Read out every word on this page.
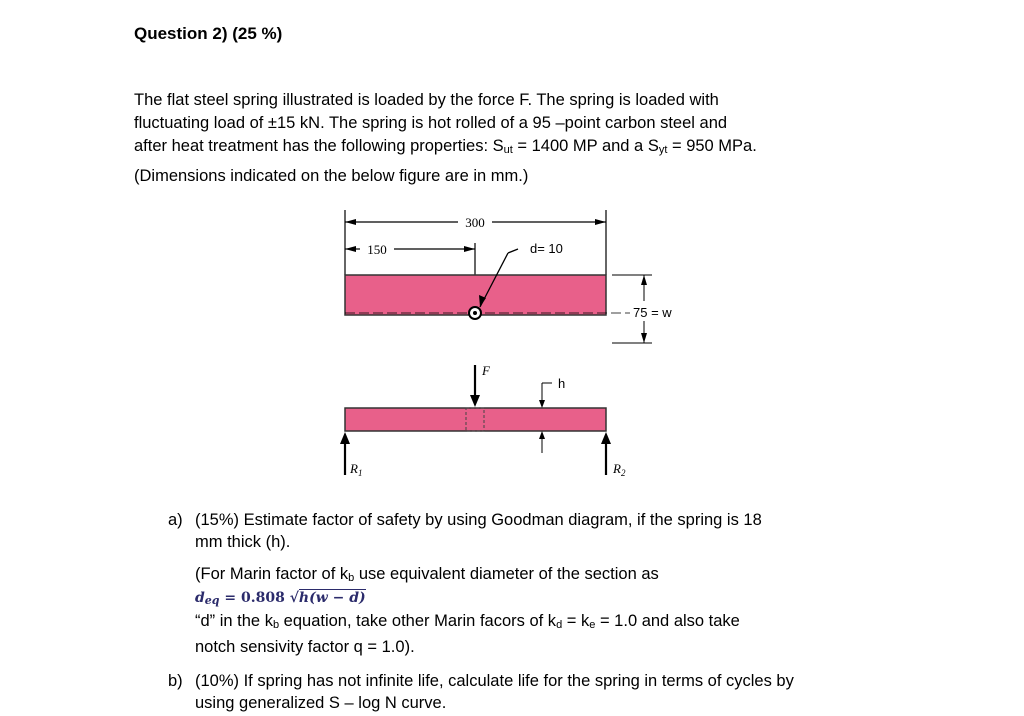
Question 2) (25 %)
The flat steel spring illustrated is loaded by the force F. The spring is loaded with
fluctuating load of ±15 kN. The spring is hot rolled of a 95 –point carbon steel and
after heat treatment has the following properties: $S_{ut} = 1400$ MP and a $S_{yt} = 950$ MPa.
(Dimensions indicated on the below figure are in mm.)
300
150	d= 10
75 = w
F
h
$R_1$	$R_2$
a) (15%) Estimate factor of safety by using Goodman diagram, if the spring is 18
mm thick (h).
(For Marin factor of $k_b$ use equivalent diameter of the section as
$d_{eq} = 0.808$ √h(w − d)
“d” in the $k_b$ equation, take other Marin facors of $k_d = k_e = 1.0$ and also take
notch sensivity factor q = 1.0).
b) (10%) If spring has not infinite life, calculate life for the spring in terms of cycles by
using generalized S – log N curve.
